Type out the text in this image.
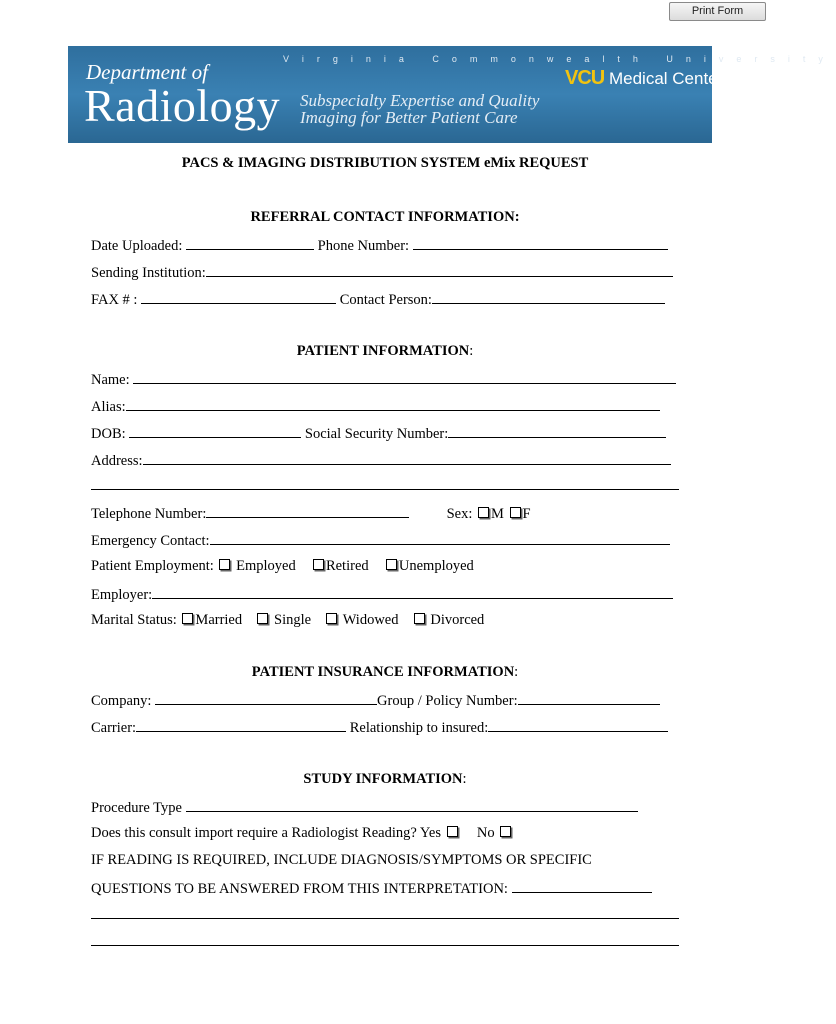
Print Form
Virginia Commonwealth University
Department of
Radiology Subspecialty Expertise and Quality
Imaging for Better Patient Care
VCU Medical Center
PACS & IMAGING DISTRIBUTION SYSTEM eMix REQUEST
REFERRAL CONTACT INFORMATION:
Date Uploaded:	Phone Number:
Sending Institution:
FAX # :	Contact Person:
PATIENT INFORMATION:
Name:
Alias:
DOB:	Social Security Number:
Address:
Telephone Number:	Sex: M F
Emergency Contact:
Patient Employment: Employed Retired Unemployed
Employer:
Marital Status: Married Single Widowed Divorced
PATIENT INSURANCE INFORMATION:
Company:	Group / Policy Number:
Carrier:	Relationship to insured:
STUDY INFORMATION:
Procedure Type
Does this consult import require a Radiologist Reading? Yes No
IF READING IS REQUIRED, INCLUDE DIAGNOSIS/SYMPTOMS OR SPECIFIC
QUESTIONS TO BE ANSWERED FROM THIS INTERPRETATION:
